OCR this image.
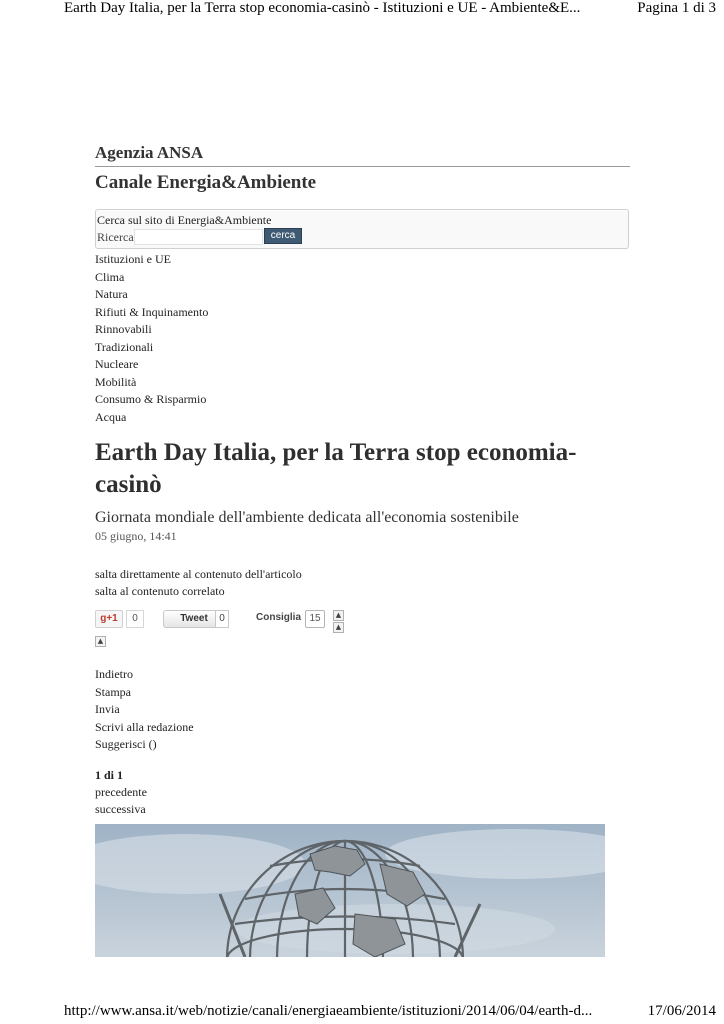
Earth Day Italia, per la Terra stop economia-casinò - Istituzioni e UE - Ambiente&E...	Pagina 1 di 3
Agenzia ANSA
Canale Energia&Ambiente
Cerca sul sito di Energia&Ambiente
Ricerca	cerca
Istituzioni e UE
Clima
Natura
Rifiuti & Inquinamento
Rinnovabili
Tradizionali
Nucleare
Mobilità
Consumo & Risparmio
Acqua
Earth Day Italia, per la Terra stop economia-casinò
Giornata mondiale dell'ambiente dedicata all'economia sostenibile
05 giugno, 14:41
salta direttamente al contenuto dell'articolo
salta al contenuto correlato
g+1	0	Tweet	0	Consiglia 15	▲
▲
▲
Indietro
Stampa
Invia
Scrivi alla redazione
Suggerisci ()
1 di 1
precedente
successiva
http://www.ansa.it/web/notizie/canali/energiaeambiente/istituzioni/2014/06/04/earth-d...	17/06/2014
